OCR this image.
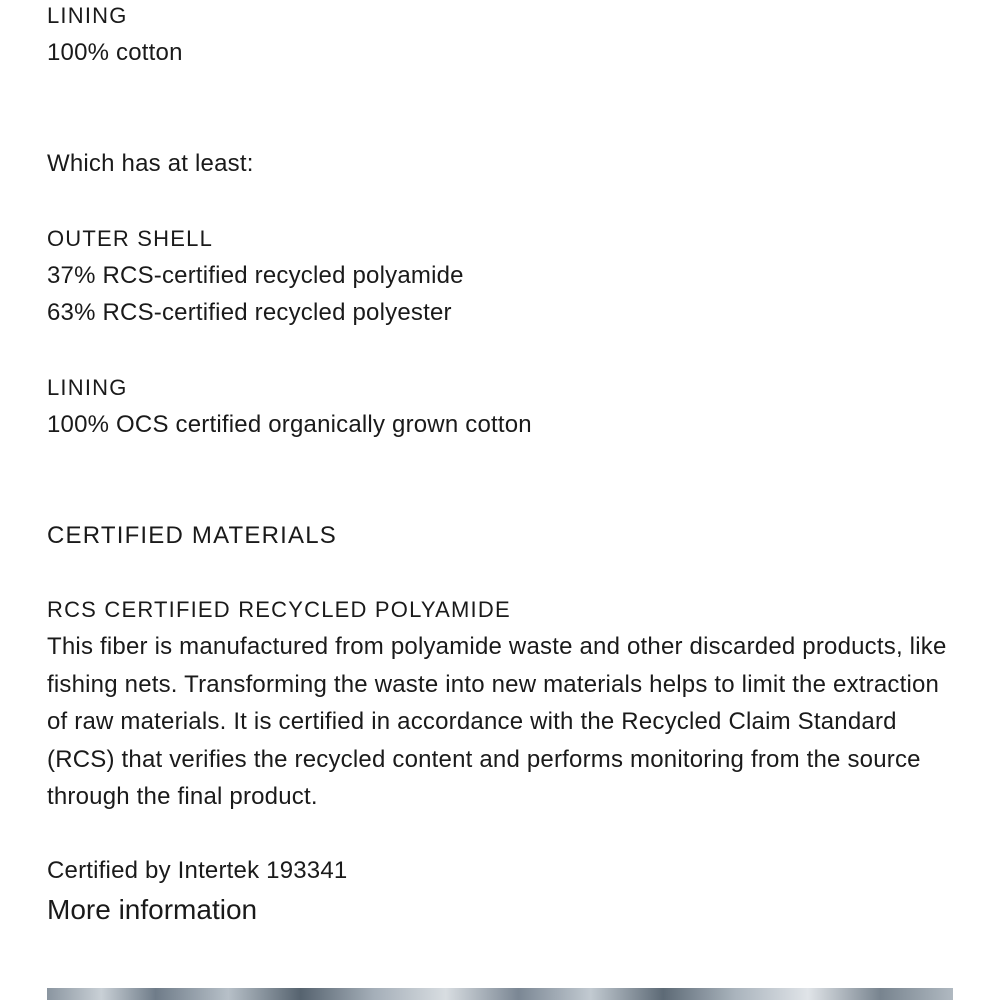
LINING
100% cotton
Which has at least:
OUTER SHELL
37% RCS-certified recycled polyamide
63% RCS-certified recycled polyester
LINING
100% OCS certified organically grown cotton
CERTIFIED MATERIALS
RCS CERTIFIED RECYCLED POLYAMIDE

This fiber is manufactured from polyamide waste and other discarded products, like fishing nets. Transforming the waste into new materials helps to limit the extraction of raw materials. It is certified in accordance with the Recycled Claim Standard (RCS) that verifies the recycled content and performs monitoring from the source through the final product.

Certified by Intertek 193341
More information
